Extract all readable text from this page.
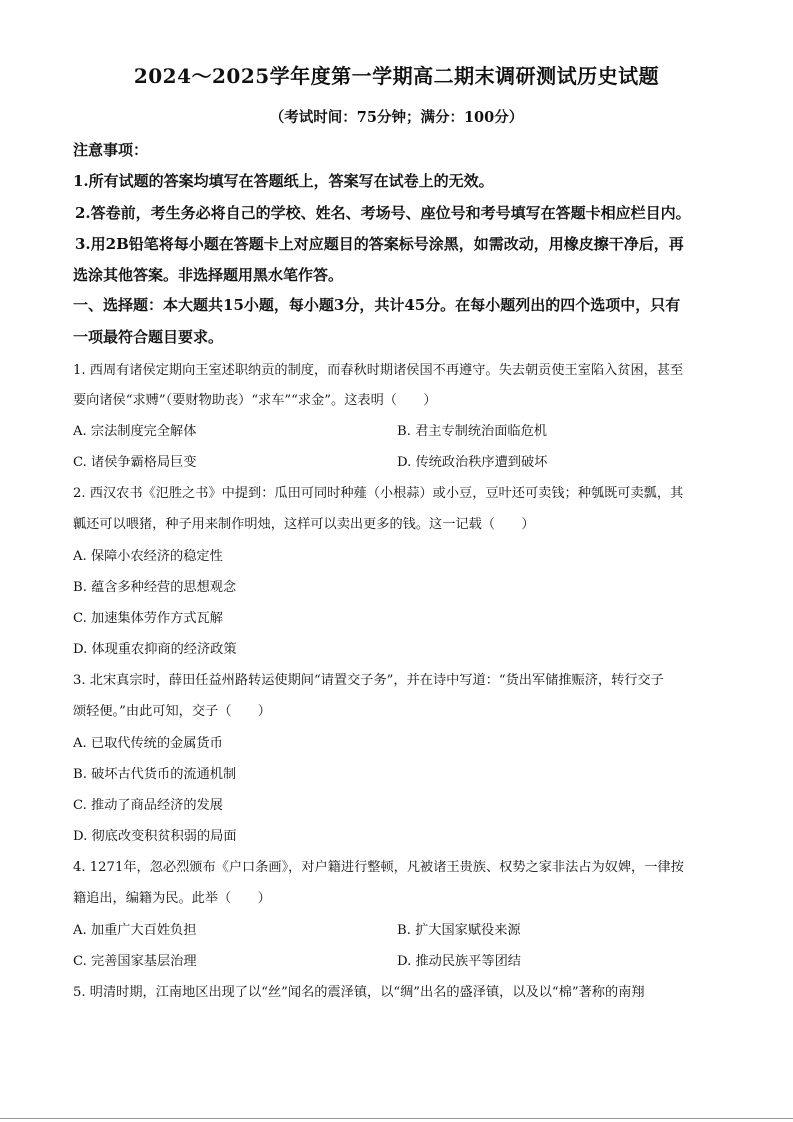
2024～2025学年度第一学期高二期末调研测试历史试题
（考试时间：75分钟；满分：100分）
注意事项：
1.所有试题的答案均填写在答题纸上，答案写在试卷上的无效。
2.答卷前，考生务必将自己的学校、姓名、考场号、座位号和考号填写在答题卡相应栏目内。
3.用2B铅笔将每小题在答题卡上对应题目的答案标号涂黑，如需改动，用橡皮擦干净后，再
选涂其他答案。非选择题用黑水笔作答。
一、选择题：本大题共15小题，每小题3分，共计45分。在每小题列出的四个选项中，只有
一项最符合题目要求。
1. 西周有诸侯定期向王室述职纳贡的制度，而春秋时期诸侯国不再遵守。失去朝贡使王室陷入贫困，甚至
要向诸侯“求赙”（要财物助丧）“求车”“求金”。这表明（　　）
A. 宗法制度完全解体	B. 君主专制统治面临危机
C. 诸侯争霸格局巨变	D. 传统政治秩序遭到破坏
2. 西汉农书《氾胜之书》中提到：瓜田可同时种薤（小根蒜）或小豆，豆叶还可卖钱；种瓠既可卖瓢，其
瓤还可以喂猪，种子用来制作明烛，这样可以卖出更多的钱。这一记载（　　）
A. 保障小农经济的稳定性
B. 蕴含多种经营的思想观念
C. 加速集体劳作方式瓦解
D. 体现重农抑商的经济政策
3. 北宋真宗时，薛田任益州路转运使期间“请置交子务”，并在诗中写道：“货出军储推赈济，转行交子
颂轻便。”由此可知，交子（　　）
A. 已取代传统的金属货币
B. 破坏古代货币的流通机制
C. 推动了商品经济的发展
D. 彻底改变积贫积弱的局面
4. 1271年，忽必烈颁布《户口条画》，对户籍进行整顿，凡被诸王贵族、权势之家非法占为奴婢，一律按
籍追出，编籍为民。此举（　　）
A. 加重广大百姓负担	B. 扩大国家赋役来源
C. 完善国家基层治理	D. 推动民族平等团结
5. 明清时期，江南地区出现了以“丝”闻名的震泽镇，以“绸”出名的盛泽镇，以及以“棉”著称的南翔
